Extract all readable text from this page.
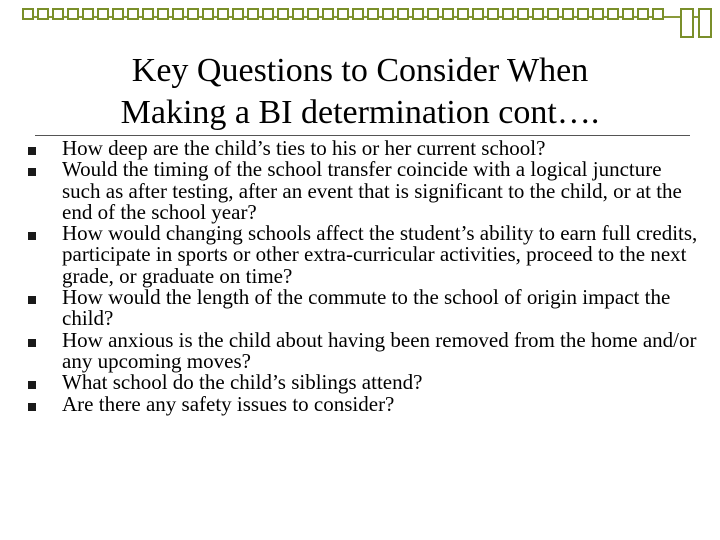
Key Questions to Consider When
Making a BI determination cont….
How deep are the child’s ties to his or her current school?
Would the timing of the school transfer coincide with a logical juncture such as after testing, after an event that is significant to the child, or at the end of the school year?
How would changing schools affect the student’s ability to earn full credits, participate in sports or other extra-curricular activities, proceed to the next grade, or graduate on time?
How would the length of the commute to the school of origin impact the child?
How anxious is the child about having been removed from the home and/or any upcoming moves?
What school do the child’s siblings attend?
Are there any safety issues to consider?
